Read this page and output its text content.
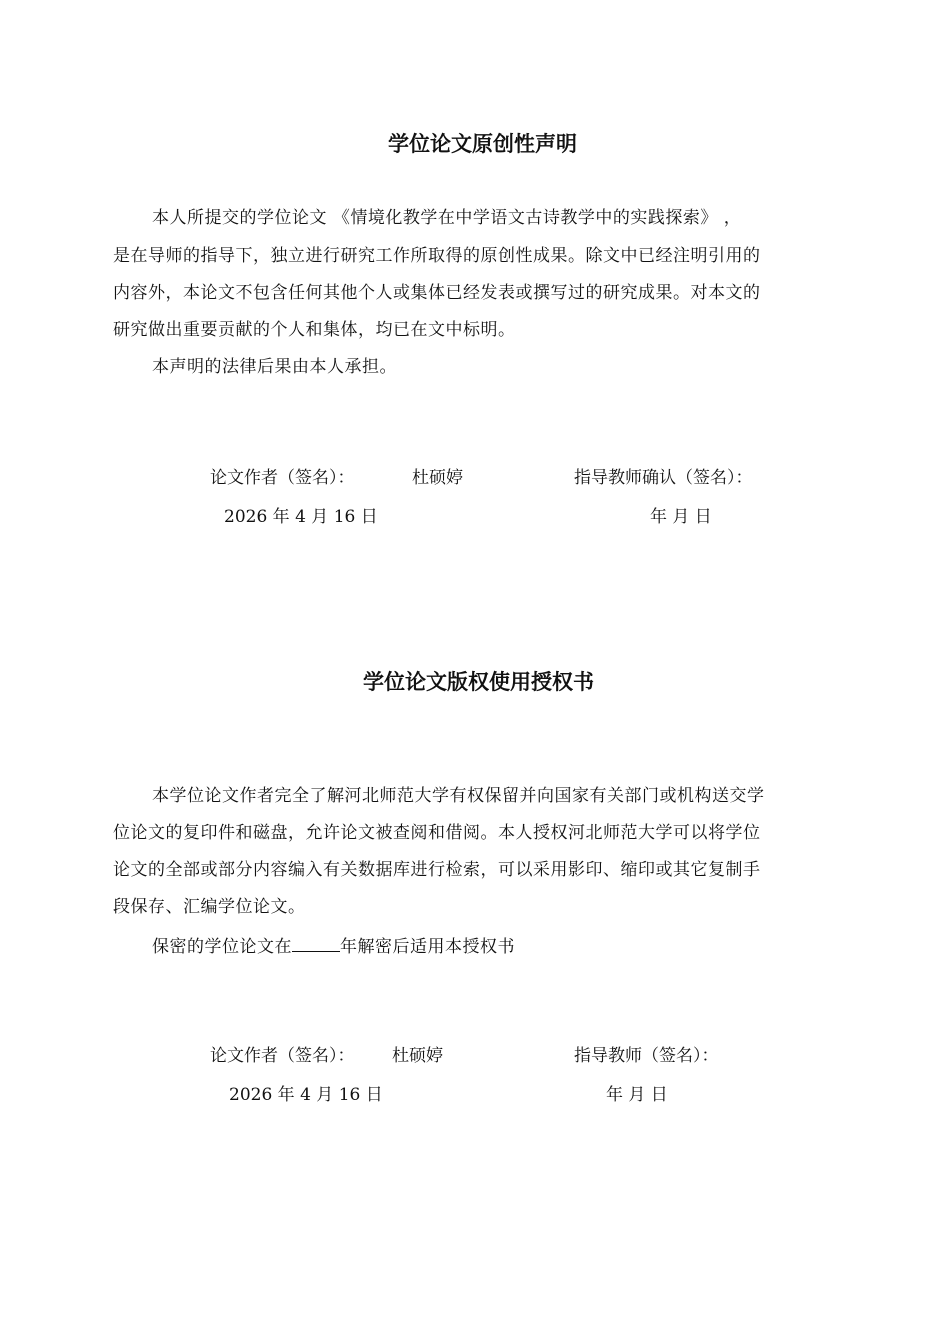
学位论文原创性声明
本人所提交的学位论文 《情境化教学在中学语文古诗教学中的实践探索》 ，
是在导师的指导下，独立进行研究工作所取得的原创性成果。除文中已经注明引用的
内容外，本论文不包含任何其他个人或集体已经发表或撰写过的研究成果。对本文的
研究做出重要贡献的个人和集体，均已在文中标明。
本声明的法律后果由本人承担。
论文作者（签名）：	杜硕婷	指导教师确认（签名）：
2026 年 4 月 16 日	年 月 日
学位论文版权使用授权书
本学位论文作者完全了解河北师范大学有权保留并向国家有关部门或机构送交学
位论文的复印件和磁盘，允许论文被查阅和借阅。本人授权河北师范大学可以将学位
论文的全部或部分内容编入有关数据库进行检索，可以采用影印、缩印或其它复制手
段保存、汇编学位论文。
保密的学位论文在	年解密后适用本授权书
论文作者（签名）： 杜硕婷	指导教师（签名）：
2026 年 4 月 16 日	年 月 日
